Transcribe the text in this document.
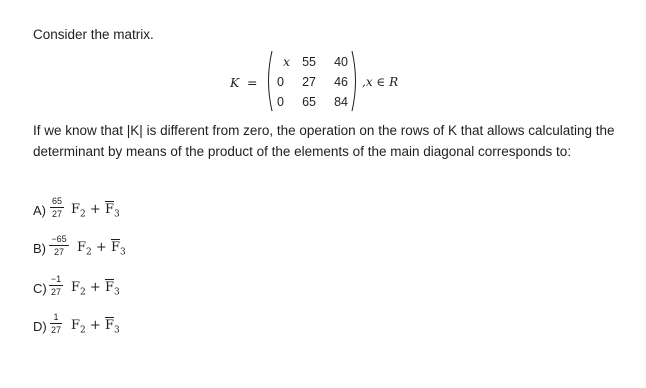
Consider the matrix.
K =
x 55	40
0	27	46
0	65	84
,x ∈ R
If we know that |K| is different from zero, the operation on the rows of K that allows calculating the determinant by means of the product of the elements of the main diagonal corresponds to:
A)
65
27 $F_2 + \overline{F}_3$
B)
−65
27	$F_2 + \overline{F}_3$
C)
−1
27 $F_2 + \overline{F}_3$
D)
1
27 $F_2 + \overline{F}_3$
